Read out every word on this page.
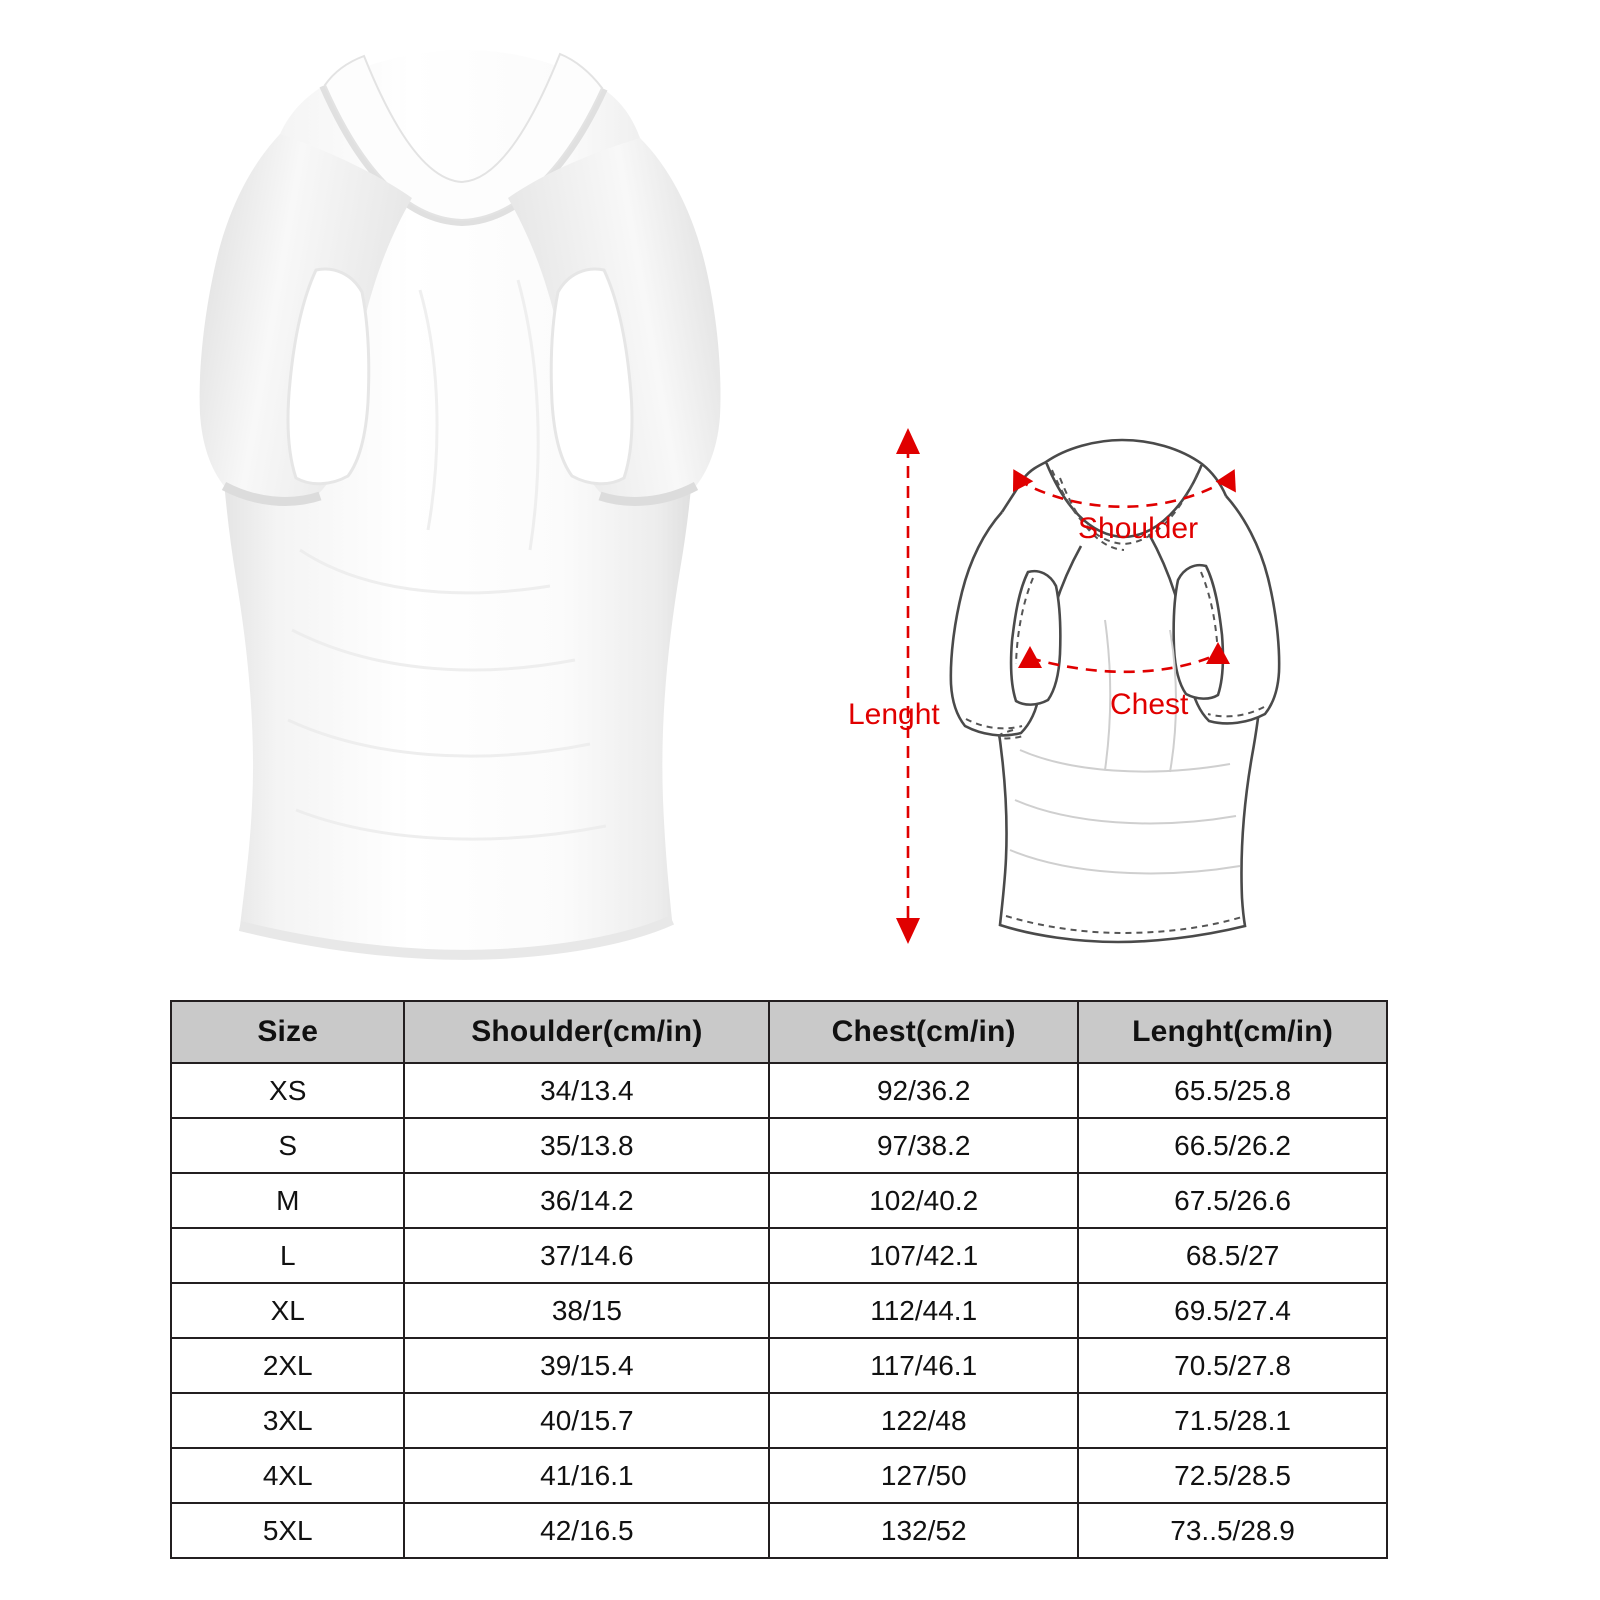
Shoulder
Chest
Lenght
Size	Shoulder(cm/in)	Chest(cm/in)	Lenght(cm/in)
XS	34/13.4	92/36.2	65.5/25.8
S	35/13.8	97/38.2	66.5/26.2
M	36/14.2	102/40.2	67.5/26.6
L	37/14.6	107/42.1	68.5/27
XL	38/15	112/44.1	69.5/27.4
2XL	39/15.4	117/46.1	70.5/27.8
3XL	40/15.7	122/48	71.5/28.1
4XL	41/16.1	127/50	72.5/28.5
5XL	42/16.5	132/52	73..5/28.9
